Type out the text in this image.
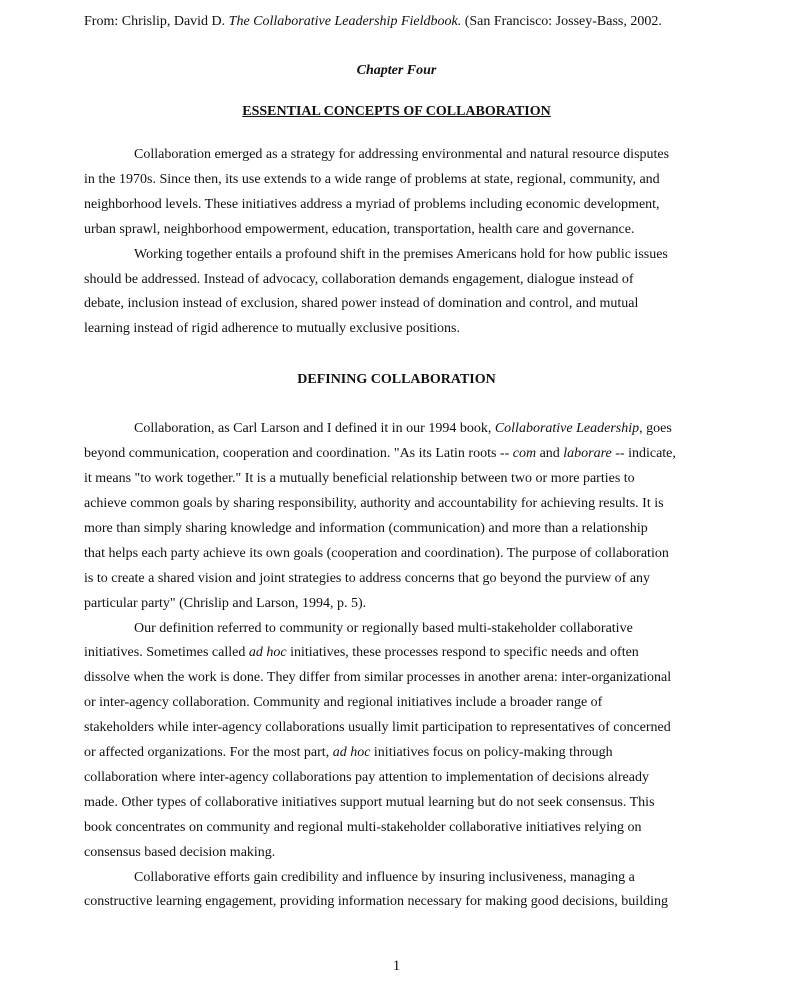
From: Chrislip, David D. The Collaborative Leadership Fieldbook. (San Francisco: Jossey-Bass, 2002.

Chapter Four

ESSENTIAL CONCEPTS OF COLLABORATION

Collaboration emerged as a strategy for addressing environmental and natural resource disputes
in the 1970s. Since then, its use extends to a wide range of problems at state, regional, community, and
neighborhood levels. These initiatives address a myriad of problems including economic development,
urban sprawl, neighborhood empowerment, education, transportation, health care and governance.

Working together entails a profound shift in the premises Americans hold for how public issues
should be addressed. Instead of advocacy, collaboration demands engagement, dialogue instead of
debate, inclusion instead of exclusion, shared power instead of domination and control, and mutual
learning instead of rigid adherence to mutually exclusive positions.

DEFINING COLLABORATION

Collaboration, as Carl Larson and I defined it in our 1994 book, Collaborative Leadership, goes
beyond communication, cooperation and coordination. "As its Latin roots -- com and laborare -- indicate,
it means "to work together." It is a mutually beneficial relationship between two or more parties to
achieve common goals by sharing responsibility, authority and accountability for achieving results. It is
more than simply sharing knowledge and information (communication) and more than a relationship
that helps each party achieve its own goals (cooperation and coordination). The purpose of collaboration
is to create a shared vision and joint strategies to address concerns that go beyond the purview of any
particular party" (Chrislip and Larson, 1994, p. 5).

Our definition referred to community or regionally based multi-stakeholder collaborative
initiatives. Sometimes called ad hoc initiatives, these processes respond to specific needs and often
dissolve when the work is done. They differ from similar processes in another arena: inter-organizational
or inter-agency collaboration. Community and regional initiatives include a broader range of
stakeholders while inter-agency collaborations usually limit participation to representatives of concerned
or affected organizations. For the most part, ad hoc initiatives focus on policy-making through
collaboration where inter-agency collaborations pay attention to implementation of decisions already
made. Other types of collaborative initiatives support mutual learning but do not seek consensus. This
book concentrates on community and regional multi-stakeholder collaborative initiatives relying on
consensus based decision making.

Collaborative efforts gain credibility and influence by insuring inclusiveness, managing a
constructive learning engagement, providing information necessary for making good decisions, building

1
